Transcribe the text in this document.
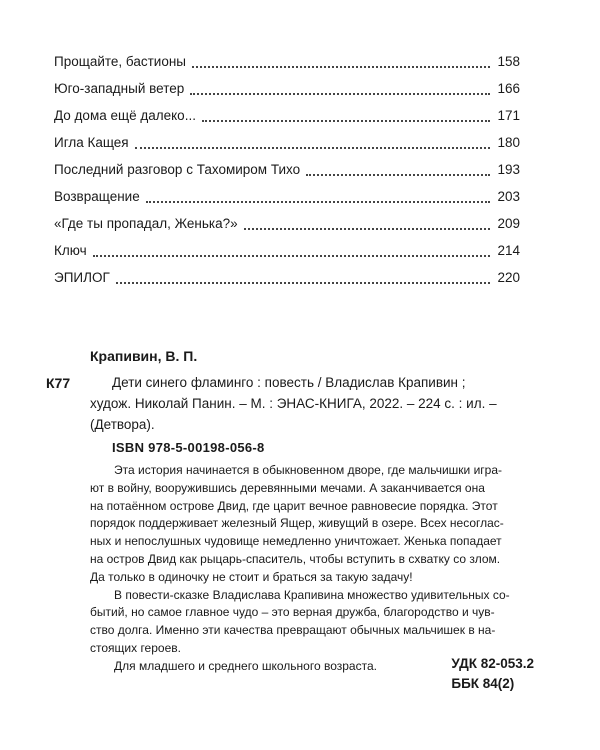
Прощайте, бастионы	158
Юго-западный ветер	166
До дома ещё далеко...	171
Игла Кащея	180
Последний разговор с Тахомиром Тихо	193
Возвращение	203
«Где ты пропадал, Женька?»	209
Ключ	214
ЭПИЛОГ	220
Крапивин, В. П.
К77	Дети синего фламинго : повесть / Владислав Крапивин ;
худож. Николай Панин. – М. : ЭНАС-КНИГА, 2022. – 224 с. : ил. –
(Детвора).
ISBN 978-5-00198-056-8
Эта история начинается в обыкновенном дворе, где мальчишки игра-
ют в войну, вооружившись деревянными мечами. А заканчивается она
на потаённом острове Двид, где царит вечное равновесие порядка. Этот
порядок поддерживает железный Ящер, живущий в озере. Всех несоглас-
ных и непослушных чудовище немедленно уничтожает. Женька попадает
на остров Двид как рыцарь-спаситель, чтобы вступить в схватку со злом.
Да только в одиночку не стоит и браться за такую задачу!
В повести-сказке Владислава Крапивина множество удивительных со-
бытий, но самое главное чудо – это верная дружба, благородство и чув-
ство долга. Именно эти качества превращают обычных мальчишек в на-
стоящих героев.
Для младшего и среднего школьного возраста.	УДК 82-053.2
ББК 84(2)
